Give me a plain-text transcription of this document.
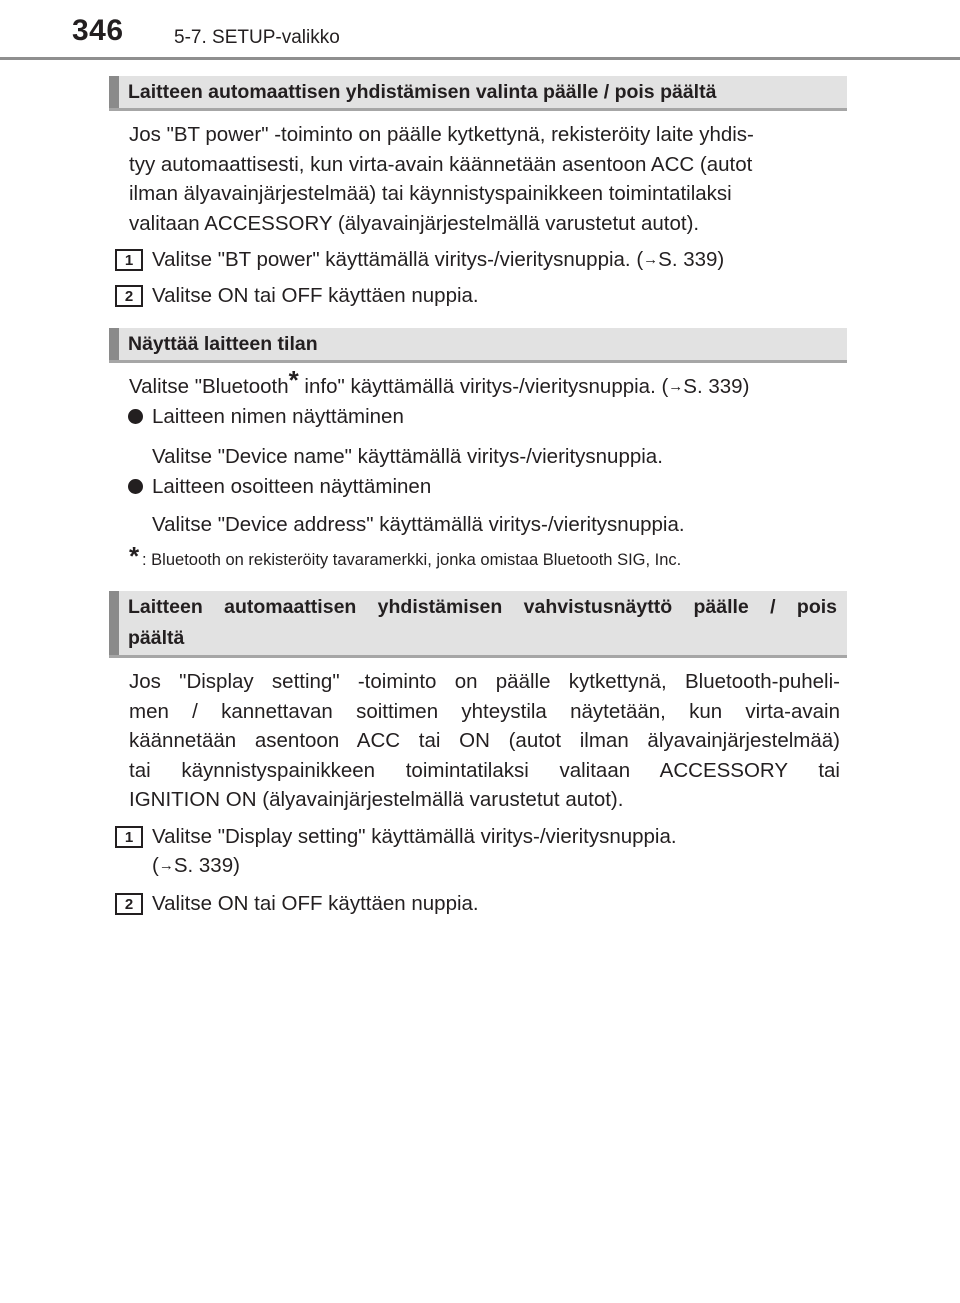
346	5-7. SETUP-valikko
Laitteen automaattisen yhdistämisen valinta päälle / pois päältä
Jos "BT power" -toiminto on päälle kytkettynä, rekisteröity laite yhdis-
tyy automaattisesti, kun virta-avain käännetään asentoon ACC (autot
ilman älyavainjärjestelmää) tai käynnistyspainikkeen toimintatilaksi
valitaan ACCESSORY (älyavainjärjestelmällä varustetut autot).
1 Valitse "BT power" käyttämällä viritys-/vieritysnuppia. (→S. 339)
2 Valitse ON tai OFF käyttäen nuppia.
Näyttää laitteen tilan
Valitse "Bluetooth* info" käyttämällä viritys-/vieritysnuppia. (→S. 339)
Laitteen nimen näyttäminen
Valitse "Device name" käyttämällä viritys-/vieritysnuppia.
Laitteen osoitteen näyttäminen
Valitse "Device address" käyttämällä viritys-/vieritysnuppia.
* : Bluetooth on rekisteröity tavaramerkki, jonka omistaa Bluetooth SIG, Inc.
Laitteen automaattisen yhdistämisen vahvistusnäyttö päälle / pois
päältä
Jos "Display setting" -toiminto on päälle kytkettynä, Bluetooth-puheli-
men / kannettavan soittimen yhteystila näytetään, kun virta-avain
käännetään asentoon ACC tai ON (autot ilman älyavainjärjestelmää)
tai käynnistyspainikkeen toimintatilaksi valitaan ACCESSORY tai
IGNITION ON (älyavainjärjestelmällä varustetut autot).
1 Valitse "Display setting" käyttämällä viritys-/vieritysnuppia.
(→S. 339)
2 Valitse ON tai OFF käyttäen nuppia.
